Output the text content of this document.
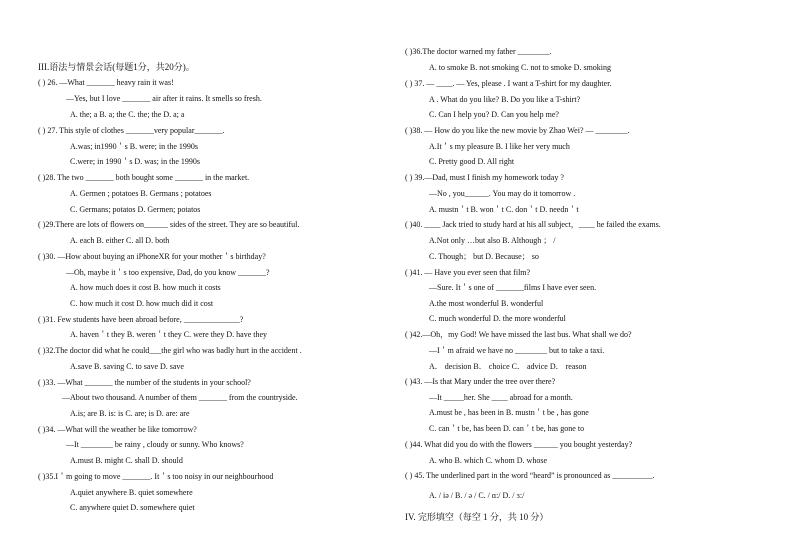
III.语法与情景会话(每题1分，共20分)。
( ) 26. —What _______ heavy rain it was!
—Yes, but I love _______ air after it rains. It smells so fresh.
A. the; a B. a; the C. the; the D. a; a
( ) 27. This style of clothes _______very popular_______.
A.was; in1990＇s B. were; in the 1990s
C.were; in 1990＇s D. was; in the 1990s
( )28. The two _______ both bought some _______ in the market.
A. Germen ; potatoes B. Germans ; potatoes
C. Germans; potatos D. Germen; potatos
( )29.There are lots of flowers on______ sides of the street. They are so beautiful.
A. each B. either C. all D. both
( )30. —How about buying an iPhoneXR for your mother＇s birthday?
—Oh, maybe it＇s too expensive, Dad, do you know _______?
A. how much does it cost B. how much it costs
C. how much it cost D. how much did it cost
( )31. Few students have been abroad before, ______________?
A. haven＇t they B. weren＇t they C. were they D. have they
( )32.The doctor did what he could___the girl who was badly hurt in the accident .
A.save B. saving C. to save D. save
( )33. —What _______ the number of the students in your school?
—About two thousand. A number of them _______ from the countryside.
A.is; are B. is: is C. are; is D. are: are
( )34. —What will the weather be like tomorrow?
—It ________ be rainy , cloudy or sunny. Who knows?
A.must B. might C. shall D. should
( )35.I＇m going to move _______. It＇s too noisy in our neighbourhood
A.quiet anywhere B. quiet somewhere
C. anywhere quiet D. somewhere quiet
( )36.The doctor warned my father ________.
A. to smoke B. not smoking C. not to smoke D. smoking
( ) 37. — ____. — Yes, please . I want a T-shirt for my daughter.
A . What do you like? B. Do you like a T-shirt?
C. Can I help you? D. Can you help me?
( )38. — How do you like the new movie by Zhao Wei? — ________.
A.It＇s my pleasure B. I like her very much
C. Pretty good D. All right
( ) 39.—Dad, must I finish my homework today ?
—No , you______. You may do it tomorrow .
A. mustn＇t B. won＇t C. don＇t D. needn＇t
( )40. ____ Jack tried to study hard at his all subject，____ he failed the exams.
A.Not only …but also B. Although ； /
C. Though； but D. Because； so
( )41. — Have you ever seen that film?
—Sure. It＇s one of _______films I have ever seen.
A.the most wonderful B. wonderful
C. much wonderful D. the more wonderful
( )42.—Oh，my God! We have missed the last bus. What shall we do?
—I＇m afraid we have no ________ but to take a taxi.
A． decision B． choice C． advice D． reason
( )43. —Is that Mary under the tree over there?
—It _____her. She ____ abroad for a month.
A.must be , has been in B. mustn＇t be , has gone
C. can＇t be, has been D. can＇t be, has gone to
( )44. What did you do with the flowers ______ you bought yesterday?
A. who B. which C. whom D. whose
( ) 45. The underlined part in the word “heard” is pronounced as __________.
A. / iə / B. / ə / C. / ɑ:/ D. / ɜ:/
IV. 完形填空（每空 1 分，共 10 分）
